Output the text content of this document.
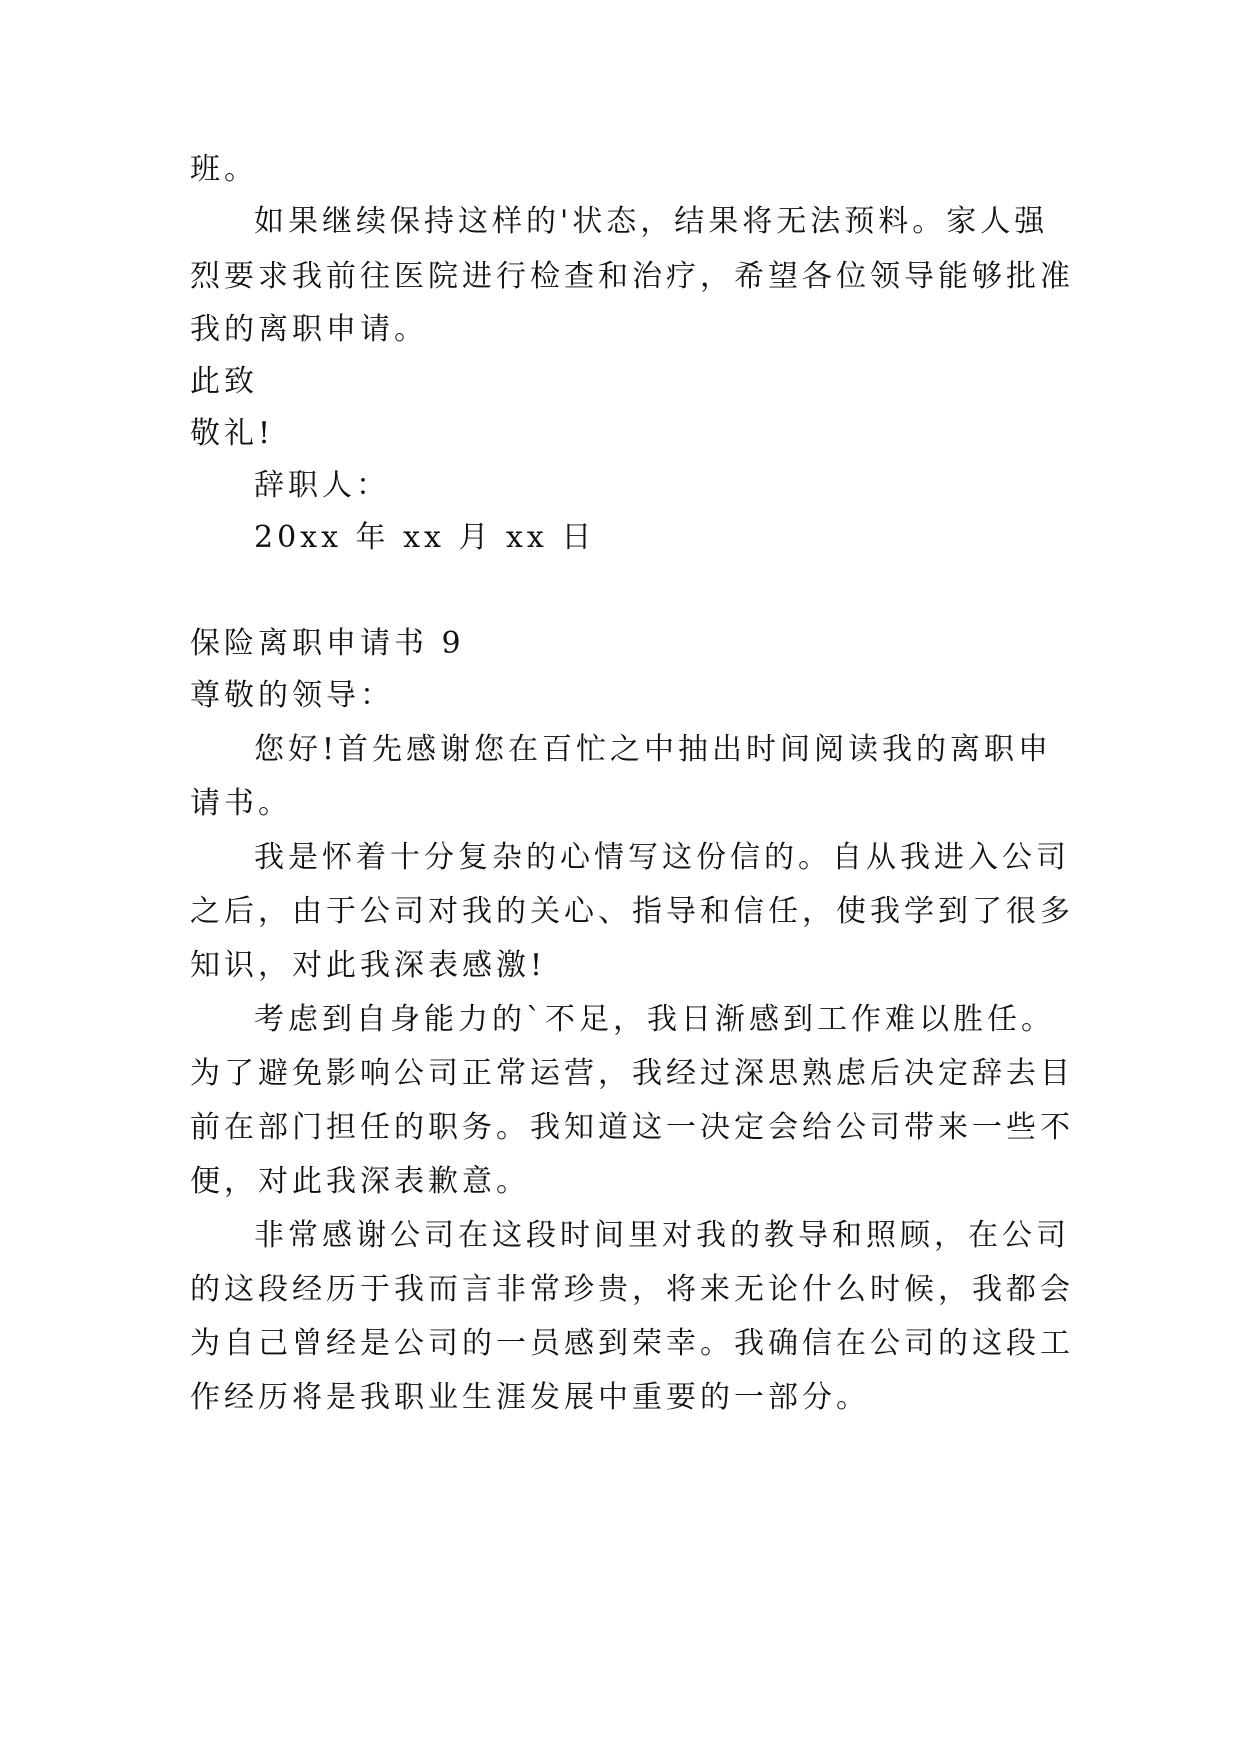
班。
如果继续保持这样的'状态，结果将无法预料。家人强
烈要求我前往医院进行检查和治疗，希望各位领导能够批准
我的离职申请。
此致
敬礼!
辞职人：
20xx 年 xx 月 xx 日
保险离职申请书 9
尊敬的领导：
您好!首先感谢您在百忙之中抽出时间阅读我的离职申
请书。
我是怀着十分复杂的心情写这份信的。自从我进入公司
之后，由于公司对我的关心、指导和信任，使我学到了很多
知识，对此我深表感激!
考虑到自身能力的`不足，我日渐感到工作难以胜任。
为了避免影响公司正常运营，我经过深思熟虑后决定辞去目
前在部门担任的职务。我知道这一决定会给公司带来一些不
便，对此我深表歉意。
非常感谢公司在这段时间里对我的教导和照顾，在公司
的这段经历于我而言非常珍贵，将来无论什么时候，我都会
为自己曾经是公司的一员感到荣幸。我确信在公司的这段工
作经历将是我职业生涯发展中重要的一部分。
